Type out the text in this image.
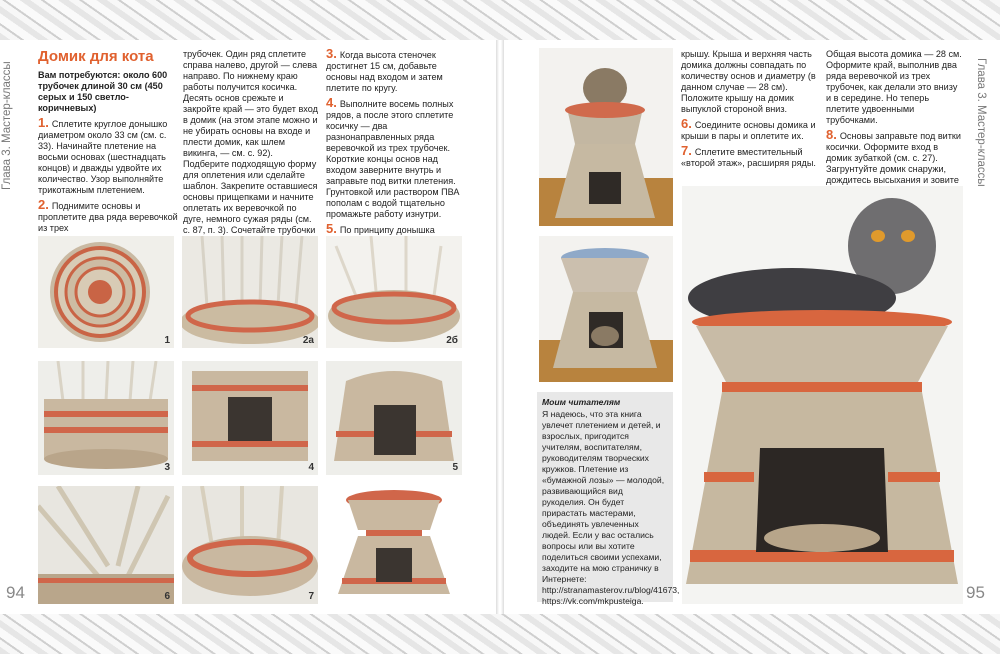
Глава 3. Мастер-классы	Глава 3. Мастер-классы
94	95
Домик для кота

Вам потребуются: около 600 трубочек длиной 30 см (450 серых и 150 светло-коричневых)

1. Сплетите круглое донышко диаметром около 33 см (см. с. 33). Начинайте плетение на восьми основах (шестнадцать концов) и дважды удвойте их количество. Узор выполняйте трикотажным плетением.

2. Поднимите основы и проплетите два ряда веревочкой из трех

трубочек. Один ряд сплетите справа налево, другой — слева направо. По нижнему краю работы получится косичка. Десять основ срежьте и закройте край — это будет вход в домик (на этом этапе можно и не убирать основы на входе и плести домик, как шлем викинга, — см. с. 92). Подберите подходящую форму для оплетения или сделайте шаблон. Закрепите оставшиеся основы прищепками и начните оплетать их веревочкой по дуге, немного сужая ряды (см. с. 87, п. 3). Сочетайте трубочки

3. Когда высота стеночек достигнет 15 см, добавьте основы над входом и затем плетите по кругу.

4. Выполните восемь полных рядов, а после этого сплетите косичку — два разнонаправленных ряда веревочкой из трех трубочек. Короткие концы основ над входом заверните внутрь и заправьте под витки плетения. Грунтовкой или раствором ПВА пополам с водой тщательно промажьте работу изнутри.

5. По принципу донышка

1	2а	2б
3	4	5
6	7

крышу. Крыша и верхняя часть домика должны совпадать по количеству основ и диаметру (в данном случае — 28 см). Положите крышу на домик выпуклой стороной вниз.

6. Соедините основы домика и крыши в пары и оплетите их.

7. Сплетите вместительный «второй этаж», расширяя ряды.

Общая высота домика — 28 см. Оформите край, выполнив два ряда веревочкой из трех трубочек, как делали это внизу и в середине. Но теперь плетите удвоенными трубочками.

8. Основы заправьте под витки косички. Оформите вход в домик зубаткой (см. с. 27). Загрунтуйте домик снаружи, дождитесь высыхания и зовите

Моим читателям
Я надеюсь, что эта книга увлечет плетением и детей, и взрослых, пригодится учителям, воспитателям, руководителям творческих кружков. Плетение из «бумажной лозы» — молодой, развивающийся вид рукоделия. Он будет прирастать мастерами, объединять увлеченных людей. Если у вас остались вопросы или вы хотите поделиться своими успехами, заходите на мою страничку в Интернете: http://stranamasterov.ru/blog/41673, https://vk.com/mkpusteiga.
